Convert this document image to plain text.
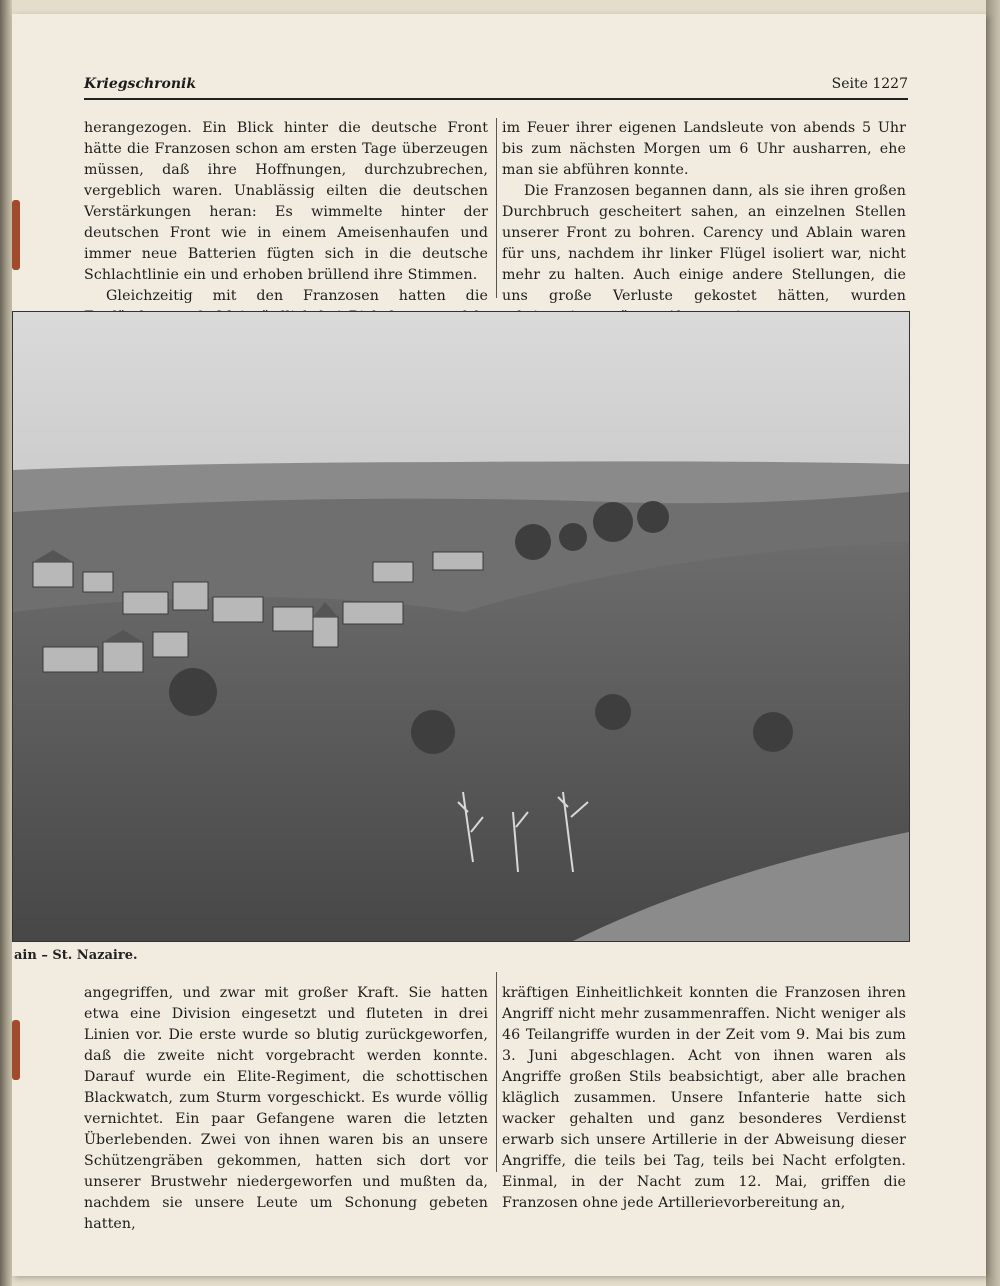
Kriegschronik	Seite 1227

herangezogen. Ein Blick hinter die deutsche Front hätte die Franzosen schon am ersten Tage überzeugen müssen, daß ihre Hoffnungen, durchzubrechen, vergeblich waren. Unablässig eilten die deutschen Verstärkungen heran: Es wimmelte hinter der deutschen Front wie in einem Ameisenhaufen und immer neue Batterien fügten sich in die deutsche Schlachtlinie ein und erhoben brüllend ihre Stimmen.

Gleichzeitig mit den Franzosen hatten die

im Feuer ihrer eigenen Landsleute von abends 5 Uhr bis zum nächsten Morgen um 6 Uhr ausharren, ehe man sie abführen konnte.

Die Franzosen begannen dann, als sie ihren großen Durchbruch gescheitert sahen, an einzelnen Stellen unserer Front zu bohren. Carency und Ablain waren für uns, nachdem ihr linker Flügel isoliert war, nicht mehr zu halten. Auch einige andere Stellungen, die uns große Verluste gekostet hätten, wurden

ain – St. Nazaire.

angegriffen, und zwar mit großer Kraft. Sie hatten etwa eine Division eingesetzt und fluteten in drei Linien vor. Die erste wurde so blutig zurückgeworfen, daß die zweite nicht vorgebracht werden konnte. Darauf wurde ein Elite-Regiment, die schottischen Blackwatch, zum Sturm vorgeschickt. Es wurde völlig vernichtet. Ein paar Gefangene waren die letzten Überlebenden. Zwei von ihnen waren bis an unsere Schützengräben gekommen, hatten sich dort vor unserer Brustwehr niedergeworfen und mußten da, nachdem sie unsere Leute um Schonung gebeten hatten,

kräftigen Einheitlichkeit konnten die Franzosen ihren Angriff nicht mehr zusammenraffen. Nicht weniger als 46 Teilangriffe wurden in der Zeit vom 9. Mai bis zum 3. Juni abgeschlagen. Acht von ihnen waren als Angriffe großen Stils beabsichtigt, aber alle brachen kläglich zusammen. Unsere Infanterie hatte sich wacker gehalten und ganz besonderes Verdienst erwarb sich unsere Artillerie in der Abweisung dieser Angriffe, die teils bei Tag, teils bei Nacht erfolgten. Einmal, in der Nacht zum 12. Mai, griffen die Franzosen ohne jede Artillerievorbereitung an,
